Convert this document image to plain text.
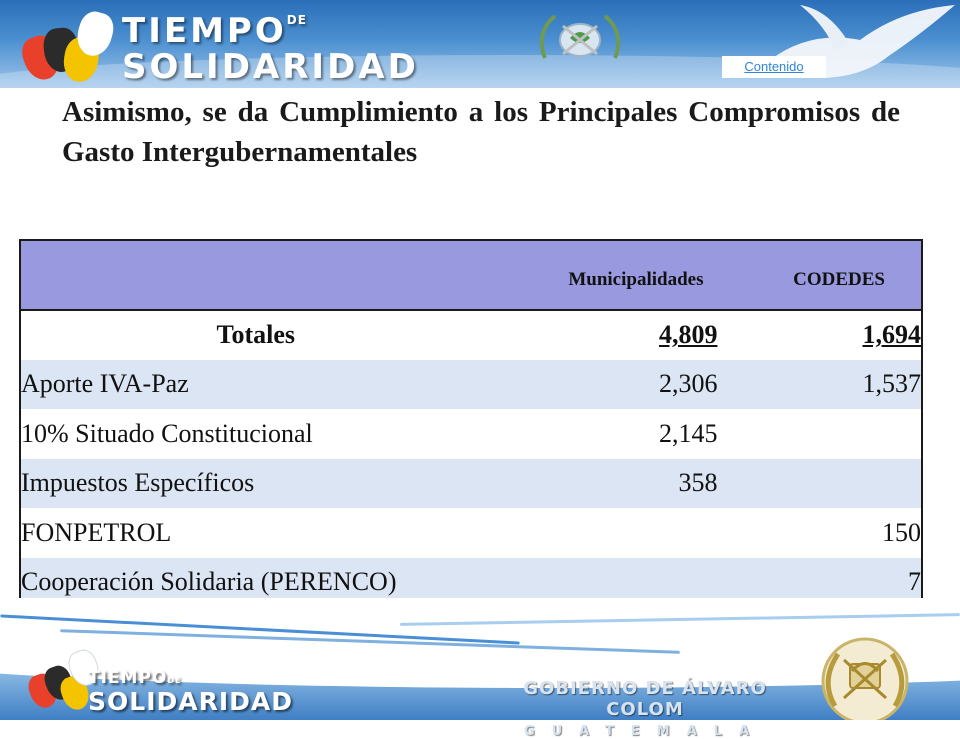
$TIEMPO^{DE}$
SOLIDARIDAD	Contenido
Asimismo, se da Cumplimiento a los Principales Compromisos de Gasto Intergubernamentales
	Municipalidades	CODEDES
Totales	4,809	1,694
Aporte IVA-Paz	2,306	1,537
10% Situado Constitucional	2,145	
Impuestos Específicos	358	
FONPETROL		150
Cooperación Solidaria (PERENCO)		7
TIEMPODE
SOLIDARIDAD	GOBIERNO DE ÁLVARO COLOM
GUATEMALA
